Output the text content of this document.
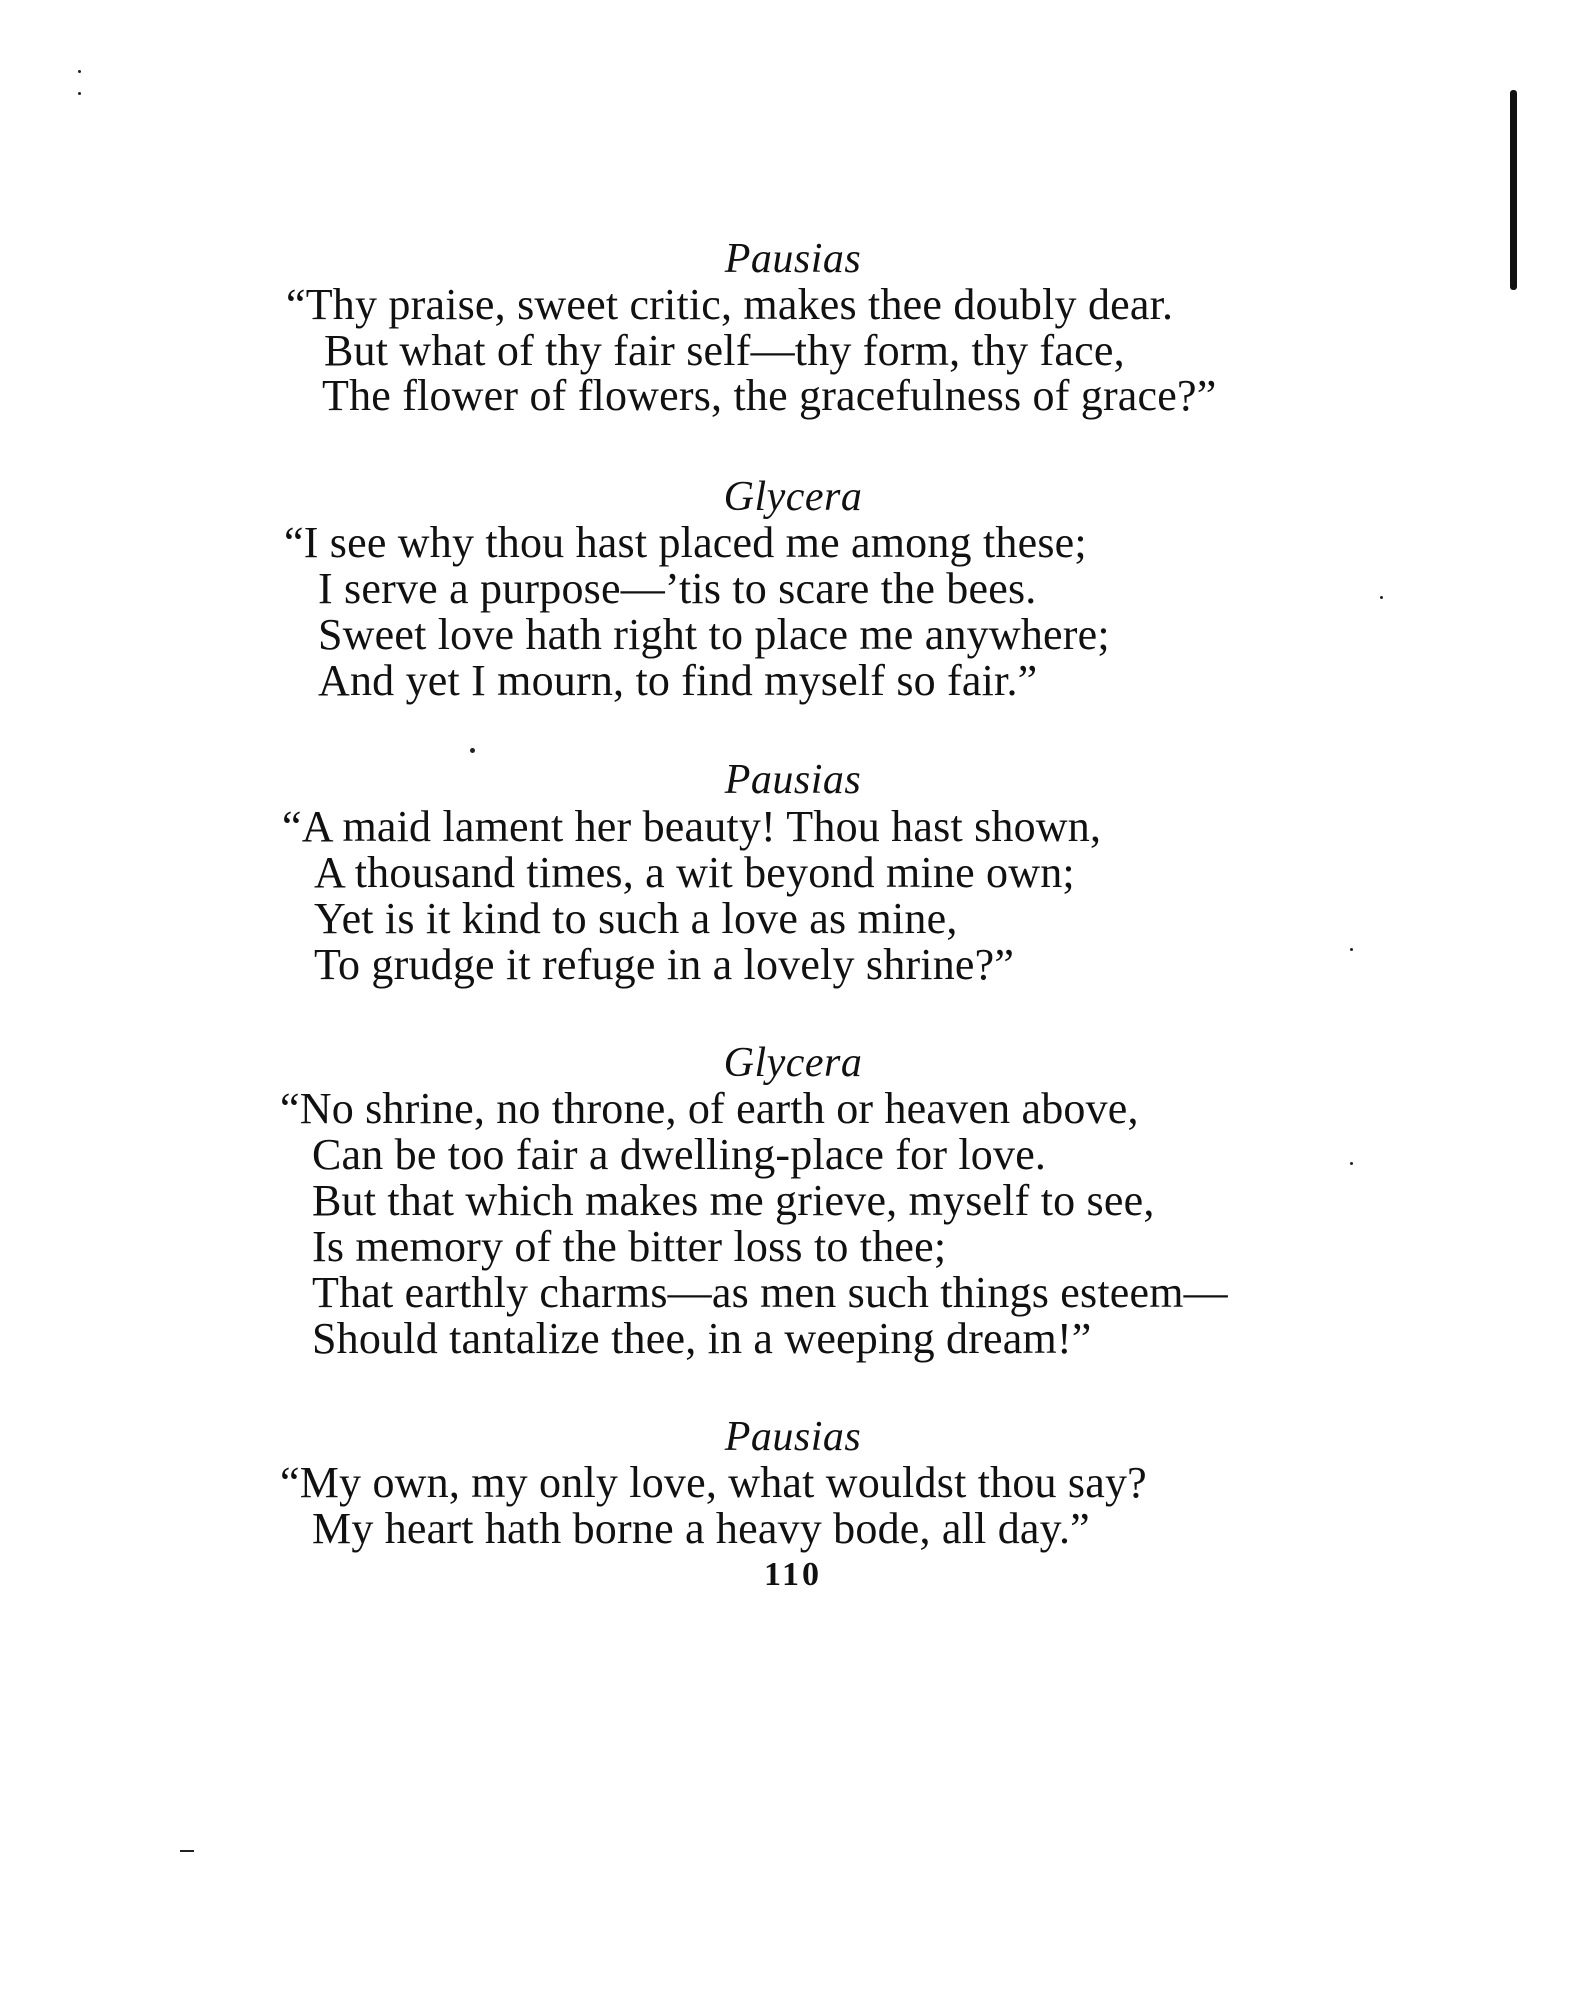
Pausias
“Thy praise, sweet critic, makes thee doubly dear.
But what of thy fair self—thy form, thy face,
The flower of flowers, the gracefulness of grace?”
Glycera
“I see why thou hast placed me among these;
I serve a purpose—’tis to scare the bees.
Sweet love hath right to place me anywhere;
And yet I mourn, to find myself so fair.”
Pausias
“A maid lament her beauty! Thou hast shown,
A thousand times, a wit beyond mine own;
Yet is it kind to such a love as mine,
To grudge it refuge in a lovely shrine?”
Glycera
“No shrine, no throne, of earth or heaven above,
Can be too fair a dwelling-place for love.
But that which makes me grieve, myself to see,
Is memory of the bitter loss to thee;
That earthly charms—as men such things esteem—
Should tantalize thee, in a weeping dream!”
Pausias
“My own, my only love, what wouldst thou say?
My heart hath borne a heavy bode, all day.”
110
